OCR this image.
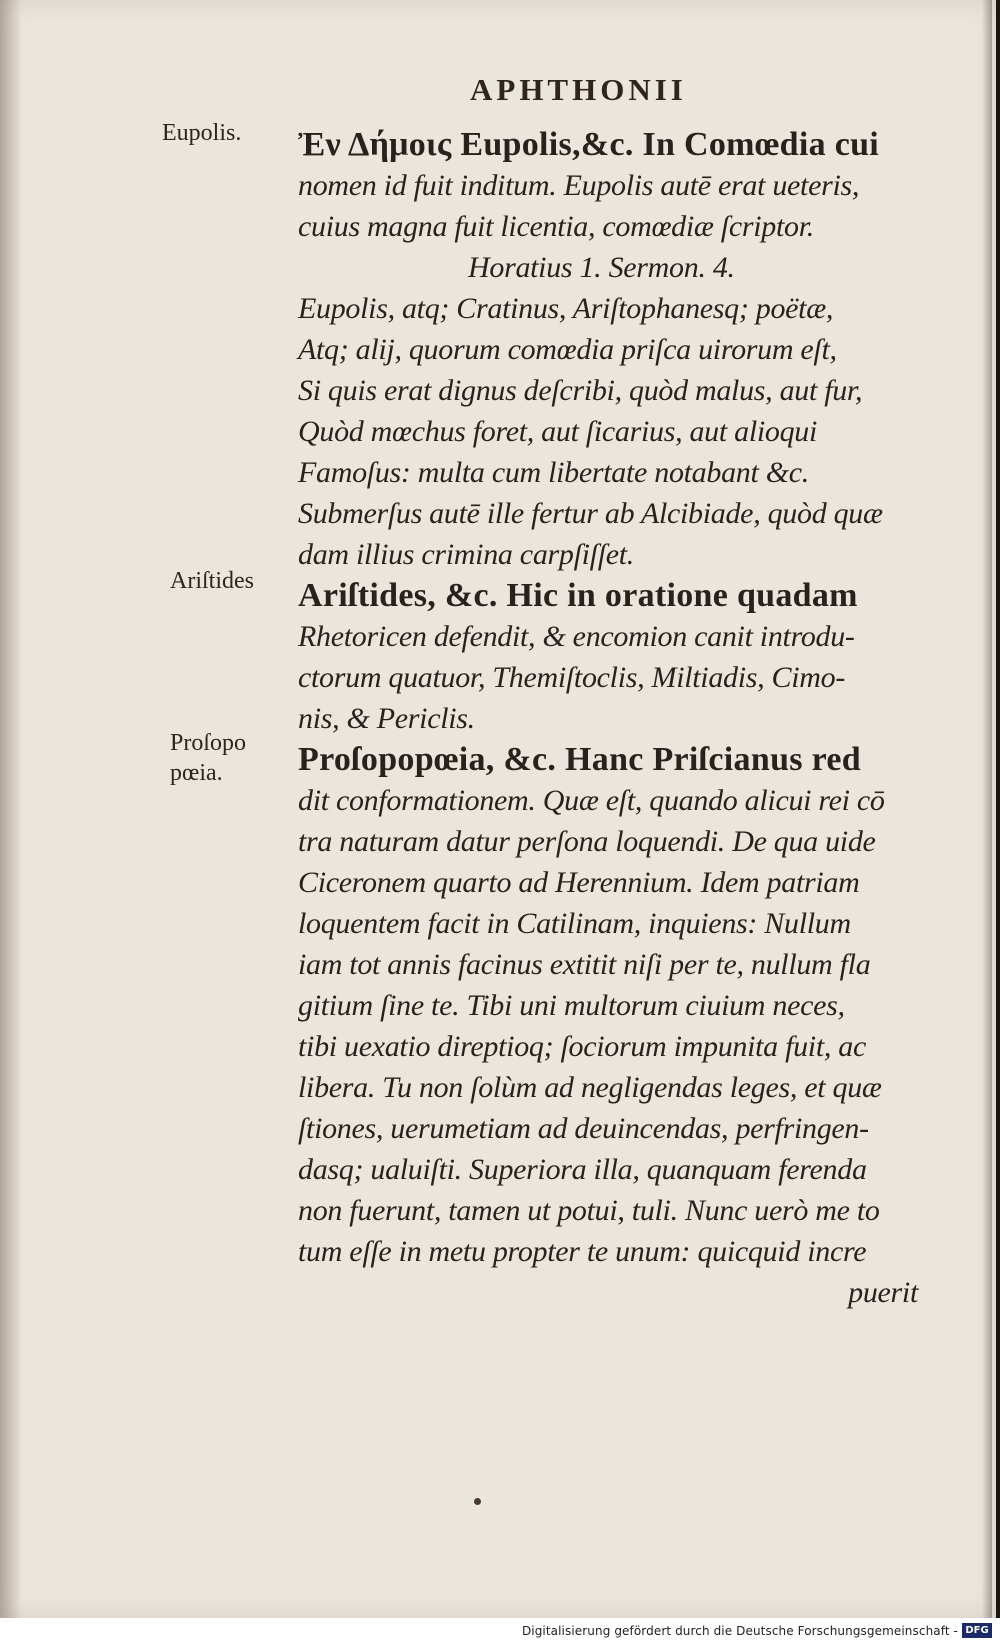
APHTHONII
Eupolis.
Ariſtides
Proſopo
pœia.
Ἐν Δήμοις Eupolis,&c. In Comœdia cui
nomen id fuit inditum. Eupolis autē erat ueteris,
cuius magna fuit licentia, comœdiæ ſcriptor.
Horatius 1. Sermon. 4.
Eupolis, atq; Cratinus, Ariſtophanesq; poëtæ,
Atq; alij, quorum comœdia priſca uirorum eſt,
Si quis erat dignus deſcribi, quòd malus, aut fur,
Quòd mœchus foret, aut ſicarius, aut alioqui
Famoſus: multa cum libertate notabant &c.
Submerſus autē ille fertur ab Alcibiade, quòd quæ
dam illius crimina carpſiſſet.
Ariſtides, &c. Hic in oratione quadam
Rhetoricen defendit, & encomion canit introdu-
ctorum quatuor, Themiſtoclis, Miltiadis, Cimo-
nis, & Periclis.
Proſopopœia, &c. Hanc Priſcianus red
dit conformationem. Quæ eſt, quando alicui rei cō
tra naturam datur perſona loquendi. De qua uide
Ciceronem quarto ad Herennium. Idem patriam
loquentem facit in Catilinam, inquiens: Nullum
iam tot annis facinus extitit niſi per te, nullum fla
gitium ſine te. Tibi uni multorum ciuium neces,
tibi uexatio direptioq; ſociorum impunita fuit, ac
libera. Tu non ſolùm ad negligendas leges, et quæ
ſtiones, uerumetiam ad deuincendas, perfringen-
dasq; ualuiſti. Superiora illa, quanquam ferenda
non fuerunt, tamen ut potui, tuli. Nunc uerò me to
tum eſſe in metu propter te unum: quicquid incre
puerit
Digitalisierung gefördert durch die Deutsche Forschungsgemeinschaft - DFG
